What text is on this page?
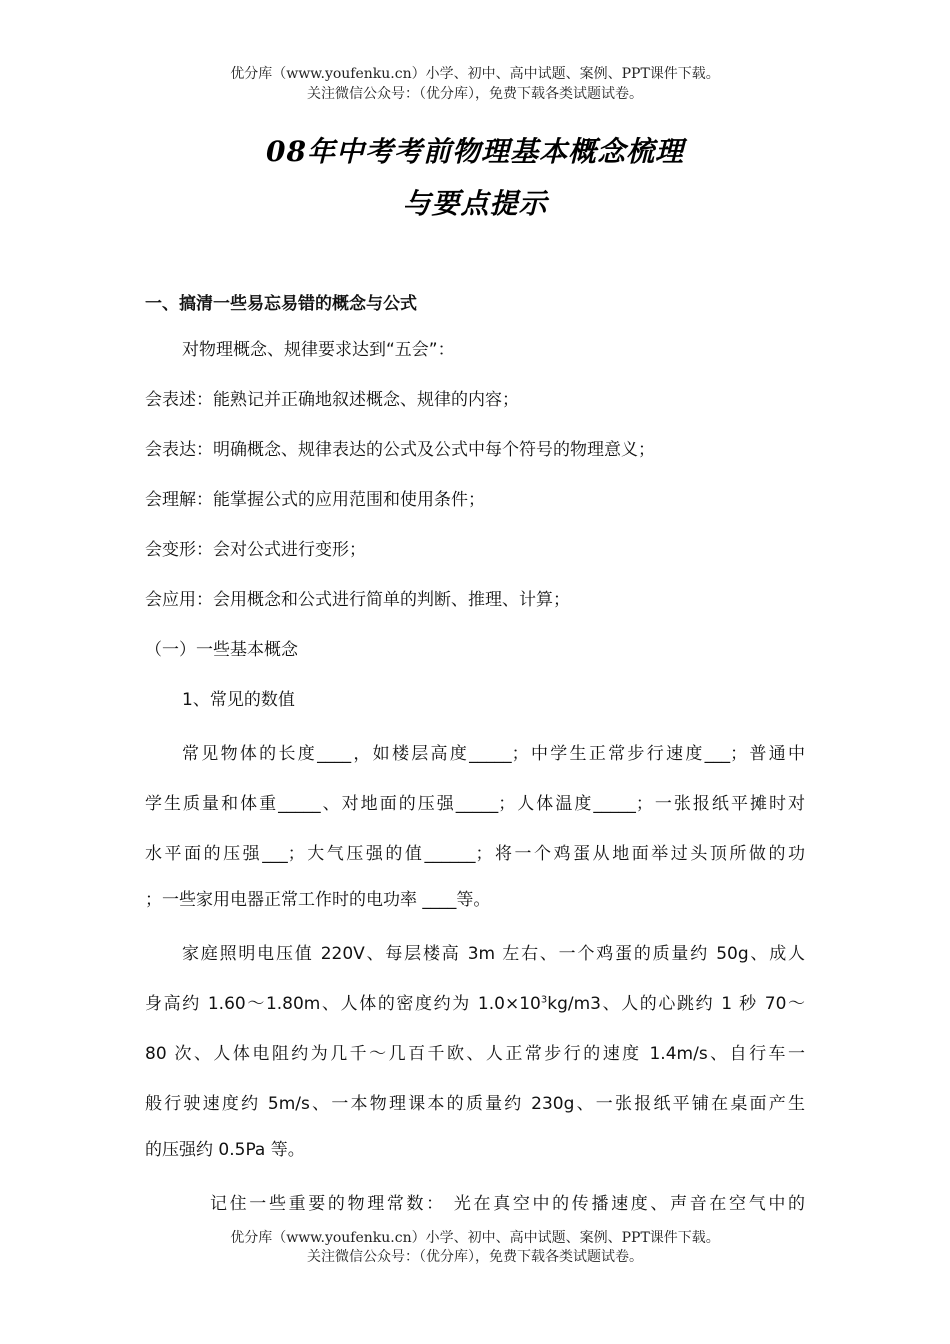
优分库（www.youfenku.cn）小学、初中、高中试题、案例、PPT课件下载。
关注微信公众号：（优分库），免费下载各类试题试卷。
08年中考考前物理基本概念梳理
与要点提示
一、搞清一些易忘易错的概念与公式
对物理概念、规律要求达到“五会”：
会表述：能熟记并正确地叙述概念、规律的内容；
会表达：明确概念、规律表达的公式及公式中每个符号的物理意义；
会理解：能掌握公式的应用范围和使用条件；
会变形：会对公式进行变形；
会应用：会用概念和公式进行简单的判断、推理、计算；
（一）一些基本概念
1、常见的数值
常见物体的长度____，如楼层高度_____；中学生正常步行速度___；普通中
学生质量和体重_____、对地面的压强_____；人体温度_____；一张报纸平摊时对
水平面的压强___；大气压强的值______；将一个鸡蛋从地面举过头顶所做的功
；一些家用电器正常工作时的电功率 ____等。
家庭照明电压值 220V、每层楼高 3m 左右、一个鸡蛋的质量约 50g、成人
身高约 1.60～1.80m、人体的密度约为 $1.0\times 10^3kg/m3$、人的心跳约 1 秒 70～
80 次、人体电阻约为几千～几百千欧、人正常步行的速度 1.4m/s、自行车一
般行驶速度约 5m/s、一本物理课本的质量约 230g、一张报纸平铺在桌面产生
的压强约 0.5Pa 等。
记住一些重要的物理常数： 光在真空中的传播速度、声音在空气中的
优分库（www.youfenku.cn）小学、初中、高中试题、案例、PPT课件下载。
关注微信公众号：（优分库），免费下载各类试题试卷。
